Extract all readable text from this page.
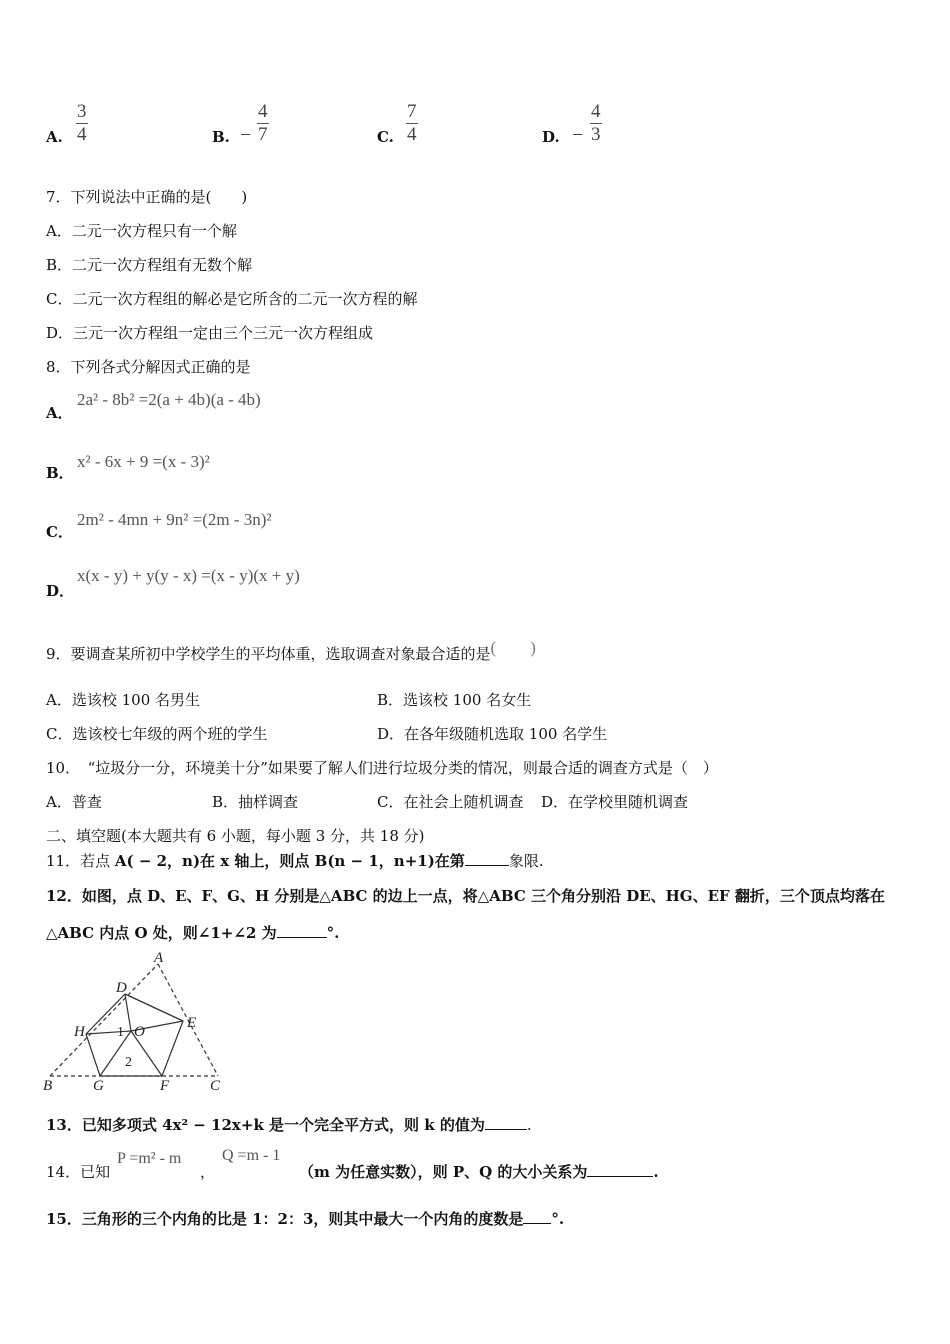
A. $\frac{3}{4}$	B. − $\frac{4}{7}$	C. $\frac{7}{4}$	D. − $\frac{4}{3}$
7．下列说法中正确的是(　　)
A．二元一次方程只有一个解
B．二元一次方程组有无数个解
C．二元一次方程组的解必是它所含的二元一次方程的解
D．三元一次方程组一定由三个三元一次方程组成
8．下列各式分解因式正确的是
A．
2a² - 8b² =2(a + 4b)(a - 4b)
B．
x² - 6x + 9 =(x - 3)²
C．
2m² - 4mn + 9n² =(2m - 3n)²
D．
x(x - y) + y(y - x) =(x - y)(x + y)
9．要调查某所初中学校学生的平均体重，选取调查对象最合适的是(　　)
A．选该校 100 名男生	B．选该校 100 名女生
C．选该校七年级的两个班的学生	D．在各年级随机选取 100 名学生
10．　“垃圾分一分，环境美十分”如果要了解人们进行垃圾分类的情况，则最合适的调查方式是（　）
A．普查	B．抽样调查	C．在社会上随机调查 D．在学校里随机调查
二、填空题(本大题共有 6 小题，每小题 3 分，共 18 分)
11．若点 A( − 2，n)在 x 轴上，则点 B(n − 1，n+1)在第	象限.
12．如图，点 D、E、F、G、H 分别是△ABC 的边上一点，将△ABC 三个角分别沿 DE、HG、EF 翻折，三个顶点均落在
△ABC 内点 O 处，则∠1+∠2 为	°.
A
B	C
D
E
F
G
H	O
1
2
13．已知多项式 4x² − 12x+k 是一个完全平方式，则 k 的值为	.
14．已知
P =m² - m
，
Q =m - 1
（m 为任意实数），则 P、Q 的大小关系为	.
15．三角形的三个内角的比是 1：2：3，则其中最大一个内角的度数是 °.
